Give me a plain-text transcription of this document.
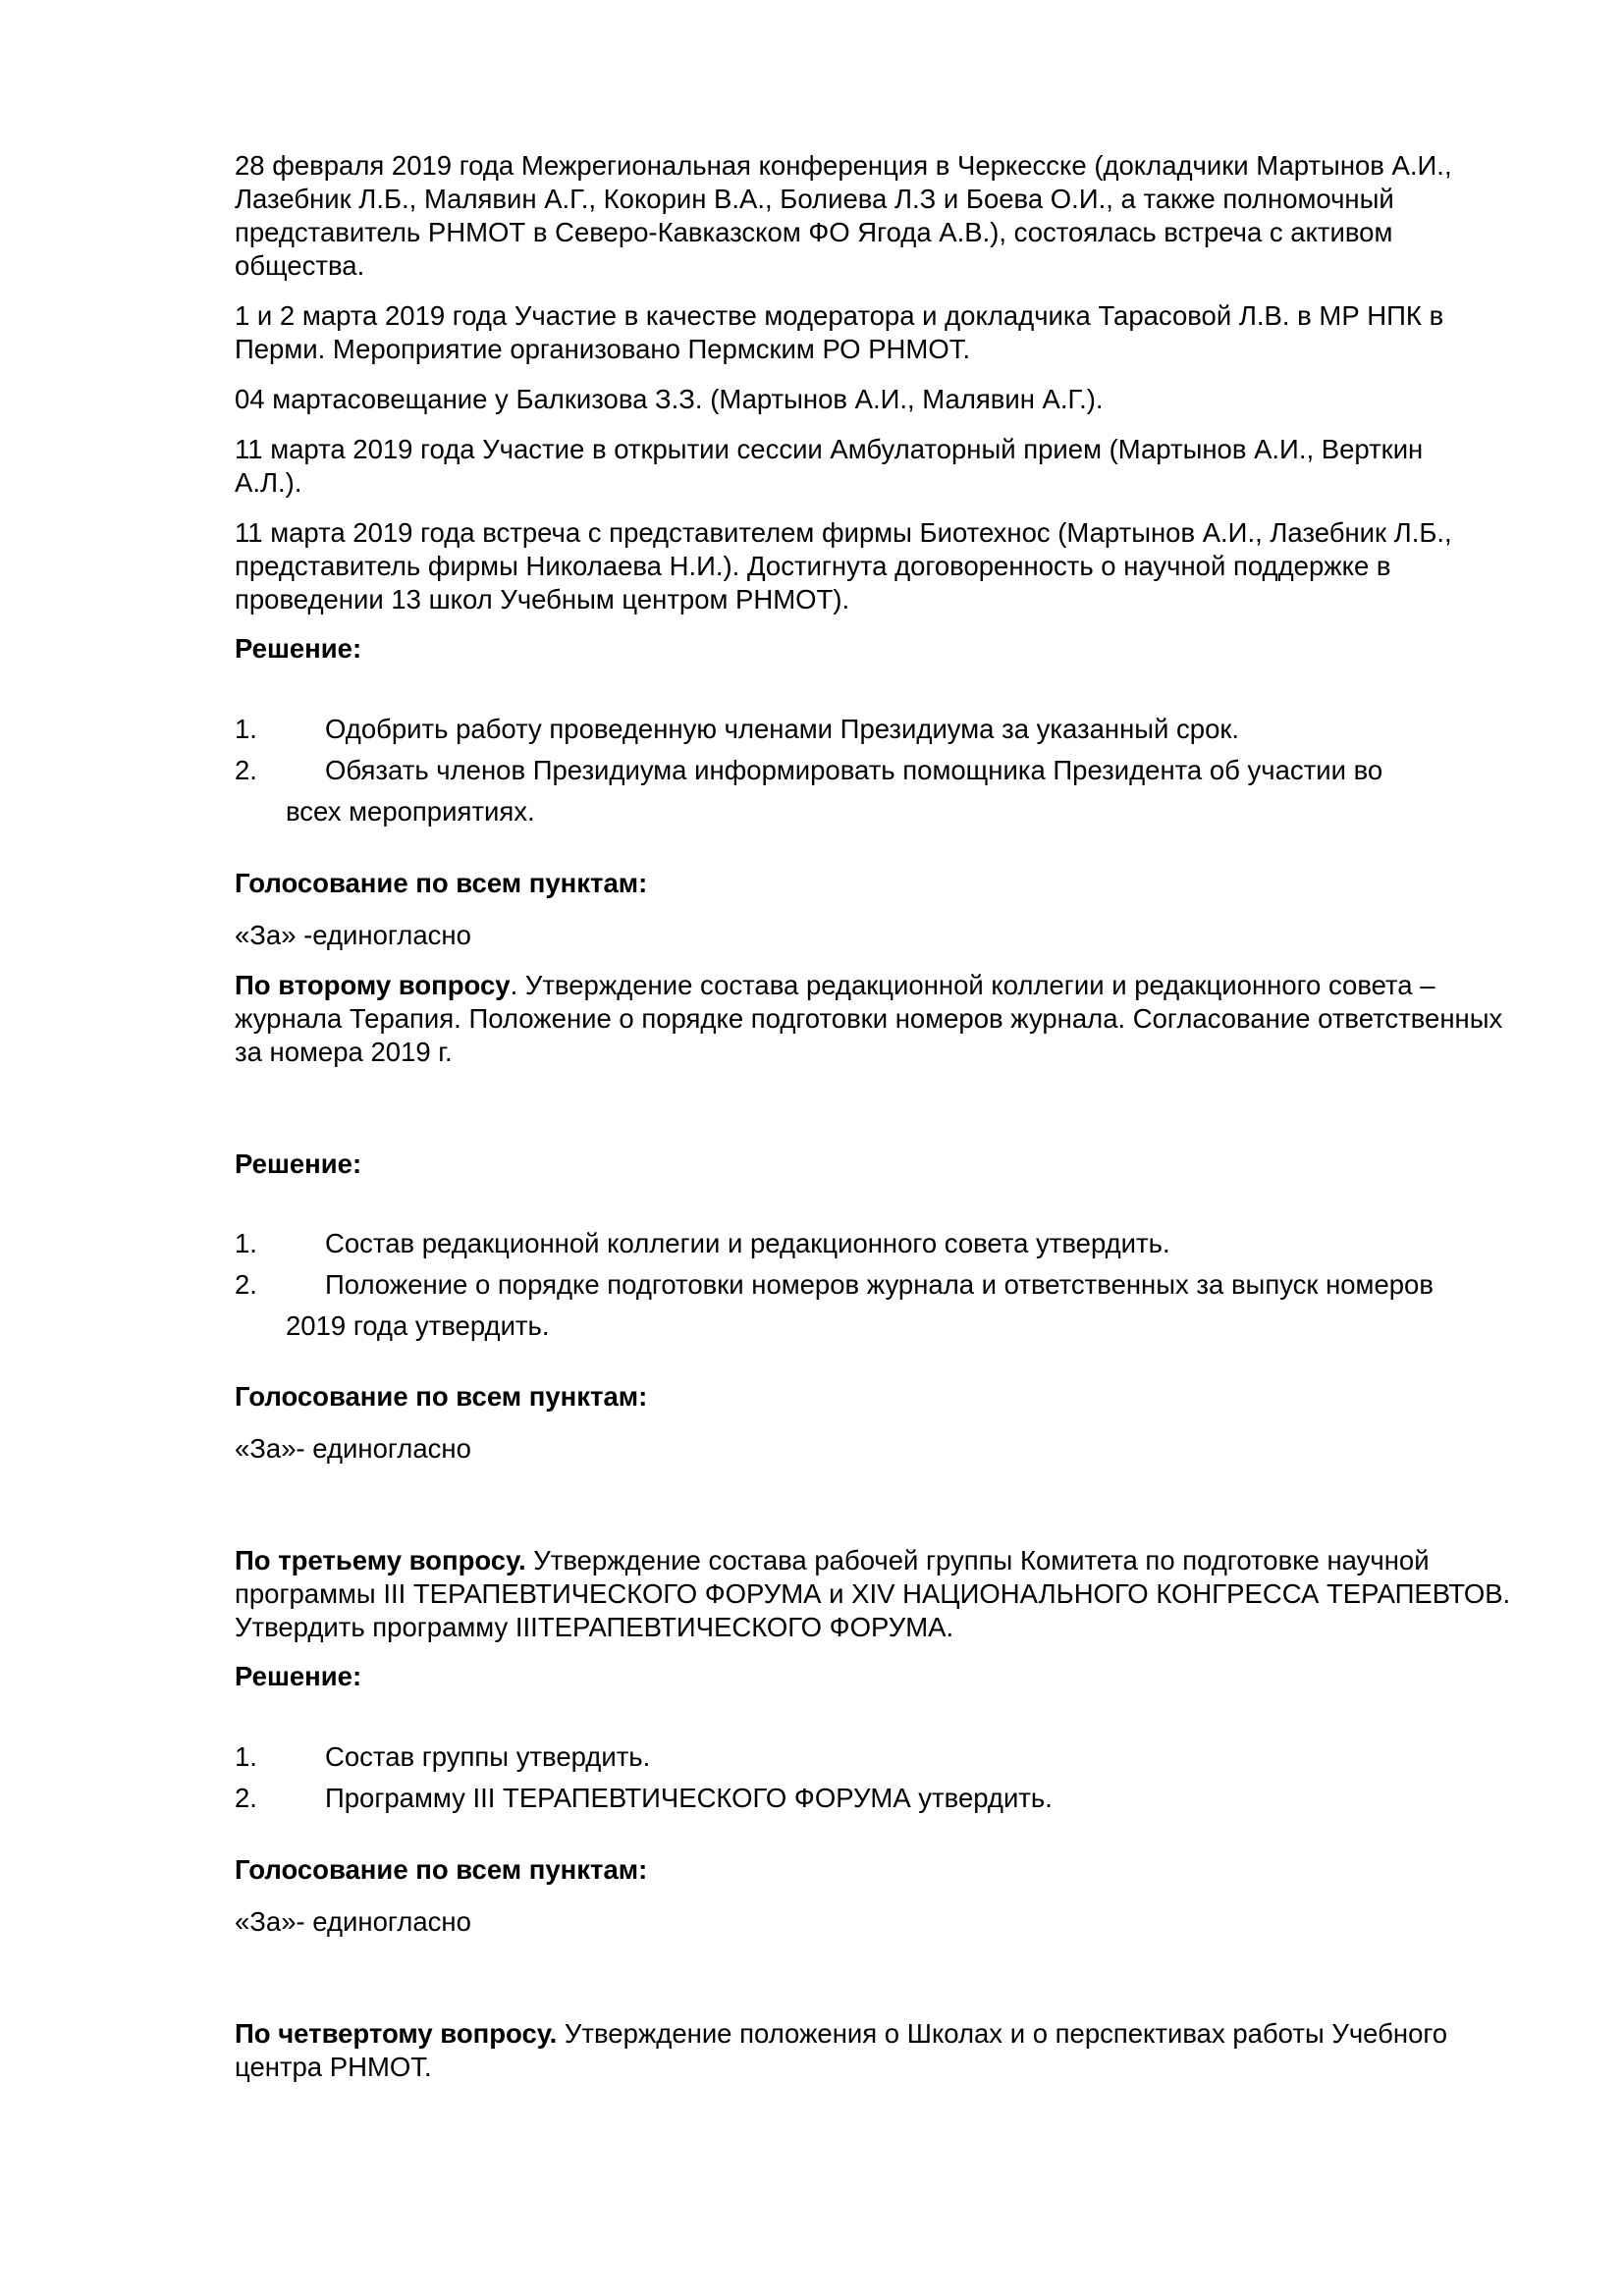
28 февраля 2019 года Межрегиональная конференция в Черкесске (докладчики Мартынов А.И., Лазебник Л.Б., Малявин А.Г., Кокорин В.А., Болиева Л.З и Боева О.И., а также полномочный представитель РНМОТ в Северо-Кавказском ФО Ягода А.В.), состоялась встреча с активом общества.

1 и 2 марта 2019 года Участие в качестве модератора и докладчика Тарасовой Л.В. в МР НПК в Перми. Мероприятие организовано Пермским РО РНМОТ.

04 мартасовещание у Балкизова З.З. (Мартынов А.И., Малявин А.Г.).

11 марта 2019 года Участие в открытии сессии Амбулаторный прием (Мартынов А.И., Верткин А.Л.).

11 марта 2019 года встреча с представителем фирмы Биотехнос (Мартынов А.И., Лазебник Л.Б., представитель фирмы Николаева Н.И.). Достигнута договоренность о научной поддержке в проведении 13 школ Учебным центром РНМОТ).

Решение:

1.	Одобрить работу проведенную членами Президиума за указанный срок.
2.	Обязать членов Президиума информировать помощника Президента об участии во
всех мероприятиях.

Голосование по всем пунктам:

«За» -единогласно

По второму вопросу. Утверждение состава редакционной коллегии и редакционного совета –журнала Терапия. Положение о порядке подготовки номеров журнала. Согласование ответственных за номера 2019 г.

Решение:

1.	Состав редакционной коллегии и редакционного совета утвердить.
2.	Положение о порядке подготовки номеров журнала и ответственных за выпуск номеров
2019 года утвердить.

Голосование по всем пунктам:

«За»- единогласно

По третьему вопросу. Утверждение состава рабочей группы Комитета по подготовке научной программы III ТЕРАПЕВТИЧЕСКОГО ФОРУМА и XIV НАЦИОНАЛЬНОГО КОНГРЕССА ТЕРАПЕВТОВ. Утвердить программу IIIТЕРАПЕВТИЧЕСКОГО ФОРУМА.

Решение:

1.	Состав группы утвердить.
2.	Программу III ТЕРАПЕВТИЧЕСКОГО ФОРУМА утвердить.

Голосование по всем пунктам:

«За»- единогласно

По четвертому вопросу. Утверждение положения о Школах и о перспективах работы Учебного центра РНМОТ.
